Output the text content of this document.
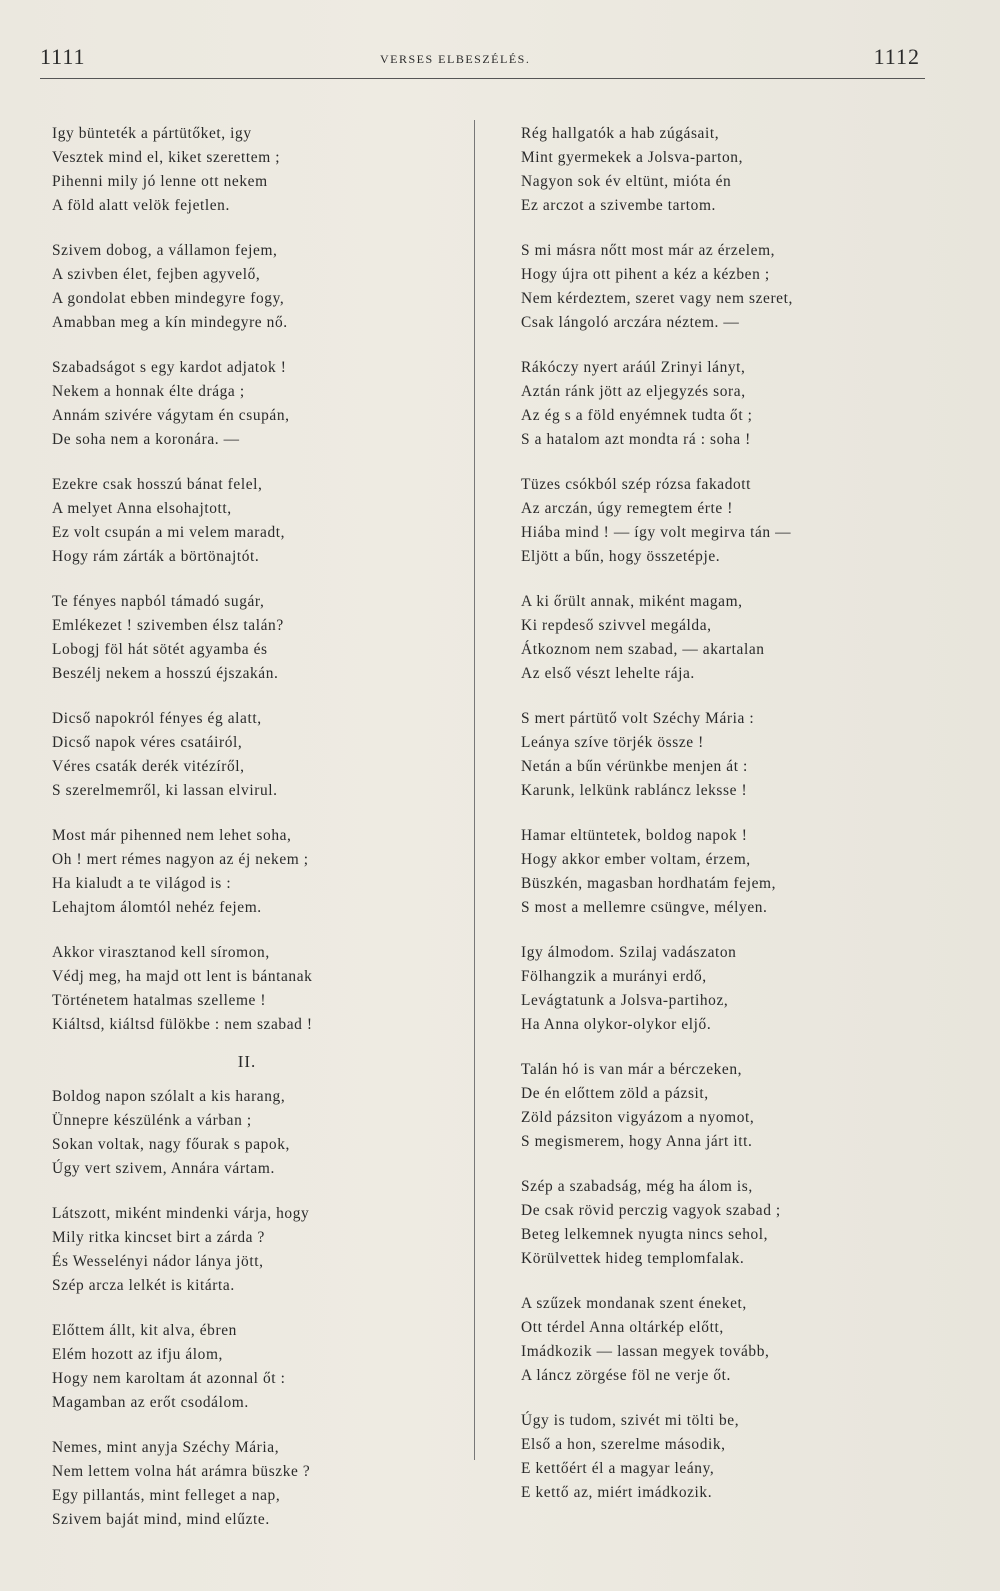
1111	VERSES ELBESZÉLÉS.	1112
Igy bünteték a pártütőket, igy
Vesztek mind el, kiket szerettem ;
Pihenni mily jó lenne ott nekem
A föld alatt velök fejetlen.
Szivem dobog, a vállamon fejem,
A szivben élet, fejben agyvelő,
A gondolat ebben mindegyre fogy,
Amabban meg a kín mindegyre nő.
Szabadságot s egy kardot adjatok !
Nekem a honnak élte drága ;
Annám szivére vágytam én csupán,
De soha nem a koronára. —
Ezekre csak hosszú bánat felel,
A melyet Anna elsohajtott,
Ez volt csupán a mi velem maradt,
Hogy rám zárták a börtönajtót.
Te fényes napból támadó sugár,
Emlékezet ! szivemben élsz talán?
Lobogj föl hát sötét agyamba és
Beszélj nekem a hosszú éjszakán.
Dicső napokról fényes ég alatt,
Dicső napok véres csatáiról,
Véres csaták derék vitézíről,
S szerelmemről, ki lassan elvirul.
Most már pihenned nem lehet soha,
Oh ! mert rémes nagyon az éj nekem ;
Ha kialudt a te világod is :
Lehajtom álomtól nehéz fejem.
Akkor virasztanod kell síromon,
Védj meg, ha majd ott lent is bántanak
Történetem hatalmas szelleme !
Kiáltsd, kiáltsd fülökbe : nem szabad !
II.
Boldog napon szólalt a kis harang,
Ünnepre készülénk a várban ;
Sokan voltak, nagy főurak s papok,
Úgy vert szivem, Annára vártam.
Látszott, miként mindenki várja, hogy
Mily ritka kincset birt a zárda ?
És Wesselényi nádor lánya jött,
Szép arcza lelkét is kitárta.
Előttem állt, kit alva, ébren
Elém hozott az ifju álom,
Hogy nem karoltam át azonnal őt :
Magamban az erőt csodálom.
Nemes, mint anyja Széchy Mária,
Nem lettem volna hát arámra büszke ?
Egy pillantás, mint felleget a nap,
Szivem baját mind, mind elűzte.
Rég hallgatók a hab zúgásait,
Mint gyermekek a Jolsva-parton,
Nagyon sok év eltünt, mióta én
Ez arczot a szivembe tartom.
S mi másra nőtt most már az érzelem,
Hogy újra ott pihent a kéz a kézben ;
Nem kérdeztem, szeret vagy nem szeret,
Csak lángoló arczára néztem. —
Rákóczy nyert aráúl Zrinyi lányt,
Aztán ránk jött az eljegyzés sora,
Az ég s a föld enyémnek tudta őt ;
S a hatalom azt mondta rá : soha !
Tüzes csókból szép rózsa fakadott
Az arczán, úgy remegtem érte !
Hiába mind ! — így volt megirva tán —
Eljött a bűn, hogy összetépje.
A ki őrült annak, miként magam,
Ki repdeső szivvel megálda,
Átkoznom nem szabad, — akartalan
Az első vészt lehelte rája.
S mert pártütő volt Széchy Mária :
Leánya szíve törjék össze !
Netán a bűn vérünkbe menjen át :
Karunk, lelkünk rabláncz leksse !
Hamar eltüntetek, boldog napok !
Hogy akkor ember voltam, érzem,
Büszkén, magasban hordhatám fejem,
S most a mellemre csüngve, mélyen.
Igy álmodom. Szilaj vadászaton
Fölhangzik a murányi erdő,
Levágtatunk a Jolsva-partihoz,
Ha Anna olykor-olykor eljő.
Talán hó is van már a bérczeken,
De én előttem zöld a pázsit,
Zöld pázsiton vigyázom a nyomot,
S megismerem, hogy Anna járt itt.
Szép a szabadság, még ha álom is,
De csak rövid perczig vagyok szabad ;
Beteg lelkemnek nyugta nincs sehol,
Körülvettek hideg templomfalak.
A szűzek mondanak szent éneket,
Ott térdel Anna oltárkép előtt,
Imádkozik — lassan megyek tovább,
A láncz zörgése föl ne verje őt.
Úgy is tudom, szivét mi tölti be,
Első a hon, szerelme második,
E kettőért él a magyar leány,
E kettő az, miért imádkozik.
